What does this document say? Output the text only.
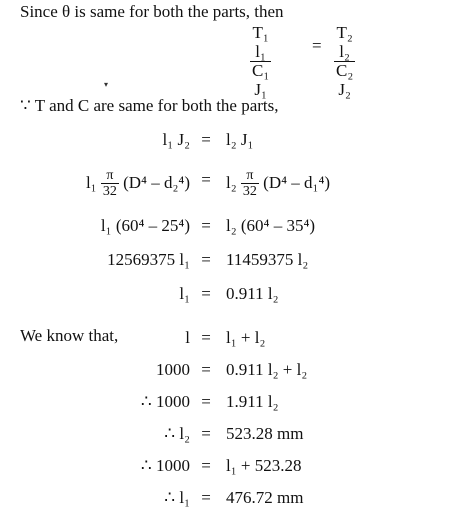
Since θ is same for both the parts, then
$\frac{\text{T₁ l₁}}{\text{C₁ J₁}} = \frac{\text{T₂ l₂}}{\text{C₂ J₂}}$
▾
∵ T and C are same for both the parts,
l₁ J₂ = l₂ J₁
$l_1 \frac{\pi}{32} (D^4 - d_2^4) = l_2 \frac{\pi}{32} (D^4 - d_1^4)$
l₁ (60⁴ – 25⁴) = l₂ (60⁴ – 35⁴)
12569375 l₁ = 11459375 l₂
l₁ = 0.911 l₂
We know that,	l = l₁ + l₂
1000 = 0.911 l₂ + l₂
∴ 1000 = 1.911 l₂
∴ l₂ = 523.28 mm
∴ 1000 = l₁ + 523.28
∴ l₁ = 476.72 mm
